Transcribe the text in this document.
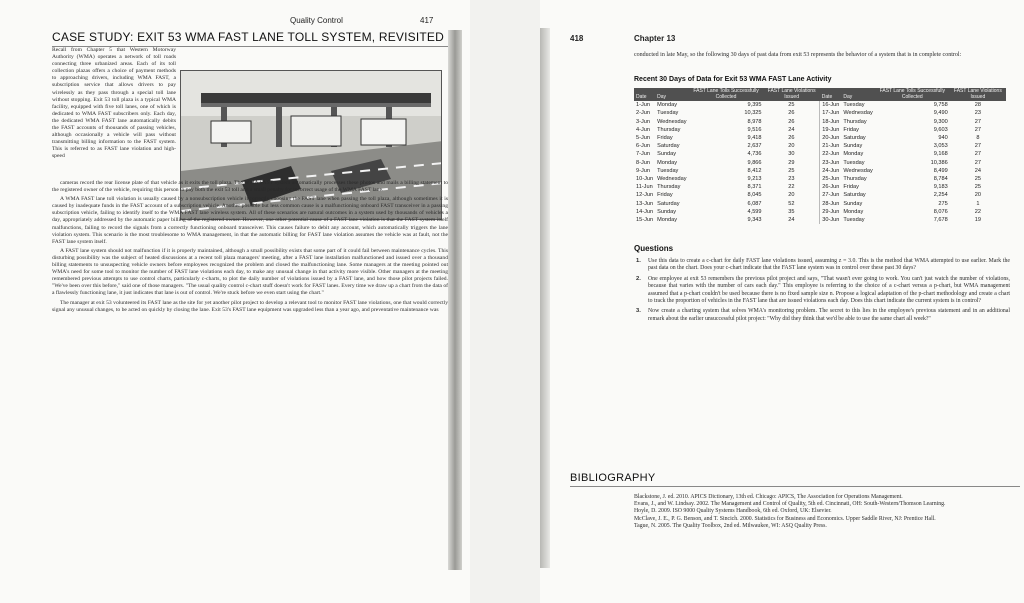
Quality Control	417
CASE STUDY: EXIT 53 WMA FAST LANE TOLL SYSTEM, REVISITED
Recall from Chapter 5 that Western Motorway Authority (WMA) operates a network of toll roads connecting three urbanized areas. Each of its toll collection plazas offers a choice of payment methods to approaching drivers, including WMA FAST, a subscription service that allows drivers to pay wirelessly as they pass through a special toll lane without stopping. Exit 53 toll plaza is a typical WMA facility, equipped with five toll lanes, one of which is dedicated to WMA FAST subscribers only. Each day, the dedicated WMA FAST lane automatically debits the FAST accounts of thousands of passing vehicles, although occasionally a vehicle will pass without transmitting billing information to the FAST system. This is referred to as FAST lane violation and high-speed

cameras record the rear license plate of that vehicle as it exits the toll plaza. The WMA FAST system automatically processes these photos and mails a billing statement to the registered owner of the vehicle, requiring this person to pay both the exit 53 toll and a small penalty for incorrect usage of the WMA FAST lane.

A WMA FAST lane toll violation is usually caused by a nonsubscription vehicle incorrectly choosing the FAST lane when passing the toll plaza, although sometimes it is caused by inadequate funds in the FAST account of a subscription vehicle. Another possible but less common cause is a malfunctioning onboard FAST transceiver in a passing subscription vehicle, failing to identify itself to the WMA FAST lane wireless system. All of these scenarios are natural outcomes in a system used by thousands of vehicles a day, appropriately addressed by the automatic paper billing of the registered owner. However, one other potential cause of a FAST lane violation is that the FAST system itself malfunctions, failing to record the signals from a correctly functioning onboard transceiver. This causes failure to debit any account, which automatically triggers the lane violation system. This scenario is the most troublesome to WMA management, in that the automatic billing for FAST lane violation assumes the vehicle was at fault, not the FAST lane system itself.

A FAST lane system should not malfunction if it is properly maintained, although a small possibility exists that some part of it could fail between maintenance cycles. This disturbing possibility was the subject of heated discussions at a recent toll plaza managers' meeting, after a FAST lane installation malfunctioned and issued over a thousand billing statements to unsuspecting vehicle owners before employees recognized the problem and closed the malfunctioning lane. Some managers at the meeting pointed out WMA's need for some tool to monitor the number of FAST lane violations each day, to make any unusual change in that activity more visible. Other managers at the meeting remembered previous attempts to use control charts, particularly c-charts, to plot the daily number of violations issued by a FAST lane, and how those pilot projects failed. "We've been over this before," said one of those managers. "The usual quality control c-chart stuff doesn't work for FAST lanes. Every time we draw up a chart from the data of a flawlessly functioning lane, it just indicates that lane is out of control. We're stuck before we even start using the chart."

The manager at exit 53 volunteered its FAST lane as the site for yet another pilot project to develop a relevant tool to monitor FAST lane violations, one that would correctly signal any unusual changes, to be acted on quickly by closing the lane. Exit 53's FAST lane equipment was upgraded less than a year ago, and preventative maintenance was

418	Chapter 13
conducted in late May, so the following 30 days of past data from exit 53 represents the behavior of a system that is in complete control:
Recent 30 Days of Data for Exit 53 WMA FAST Lane Activity
Date	Day	FAST Lane Tolls Successfully Collected	FAST Lane Violations Issued	Date	Day	FAST Lane Tolls Successfully Collected	FAST Lane Violations Issued
1-Jun	Monday	9,395	25	16-Jun	Tuesday	9,758	28
2-Jun	Tuesday	10,325	26	17-Jun	Wednesday	9,490	23
3-Jun	Wednesday	8,978	26	18-Jun	Thursday	9,300	27
4-Jun	Thursday	9,516	24	19-Jun	Friday	9,603	27
5-Jun	Friday	9,418	26	20-Jun	Saturday	940	8
6-Jun	Saturday	2,637	20	21-Jun	Sunday	3,053	27
7-Jun	Sunday	4,736	30	22-Jun	Monday	9,168	27
8-Jun	Monday	9,866	29	23-Jun	Tuesday	10,386	27
9-Jun	Tuesday	8,412	25	24-Jun	Wednesday	8,499	24
10-Jun	Wednesday	9,213	23	25-Jun	Thursday	8,784	25
11-Jun	Thursday	8,371	22	26-Jun	Friday	9,183	25
12-Jun	Friday	8,045	20	27-Jun	Saturday	2,254	20
13-Jun	Saturday	6,087	52	28-Jun	Sunday	275	1
14-Jun	Sunday	4,599	35	29-Jun	Monday	8,076	22
15-Jun	Monday	9,343	24	30-Jun	Tuesday	7,678	19
Questions
1. Use this data to create a c-chart for daily FAST lane violations issued, assuming z = 3.0. This is the method that WMA attempted to use earlier. Mark the past data on the chart. Does your c-chart indicate that the FAST lane system was in control over these past 30 days?
2. One employee at exit 53 remembers the previous pilot project and says, "That wasn't ever going to work. You can't just watch the number of violations, because that varies with the number of cars each day." This employee is referring to the choice of a c-chart versus a p-chart, but WMA management assumed that a p-chart couldn't be used because there is no fixed sample size n. Propose a logical adaptation of the p-chart methodology and create a chart to track the proportion of vehicles in the FAST lane that are issued violations each day. Does this chart indicate the current system is in control?
3. Now create a charting system that solves WMA's monitoring problem. The secret to this lies in the employee's previous statement and in an additional remark about the earlier unsuccessful pilot project: "Why did they think that we'd be able to use the same chart all week?"
Blackstone, J. ed. 2010. APICS Dictionary, 13th ed. Chicago: APICS, The Association for Operations Management.
Evans, J., and W. Lindsay. 2002. The Management and Control of Quality, 5th ed. Cincinnati, OH: South-Western/Thomson Learning.
Hoyle, D. 2009. ISO 9000 Quality Systems Handbook, 6th ed. Oxford, UK: Elsevier.
McClave, J. E., P. G. Benson, and T. Sincich. 2000. Statistics for Business and Economics. Upper Saddle River, NJ: Prentice Hall.
Tague, N. 2005. The Quality Toolbox, 2nd ed. Milwaukee, WI: ASQ Quality Press.
BIBLIOGRAPHY
